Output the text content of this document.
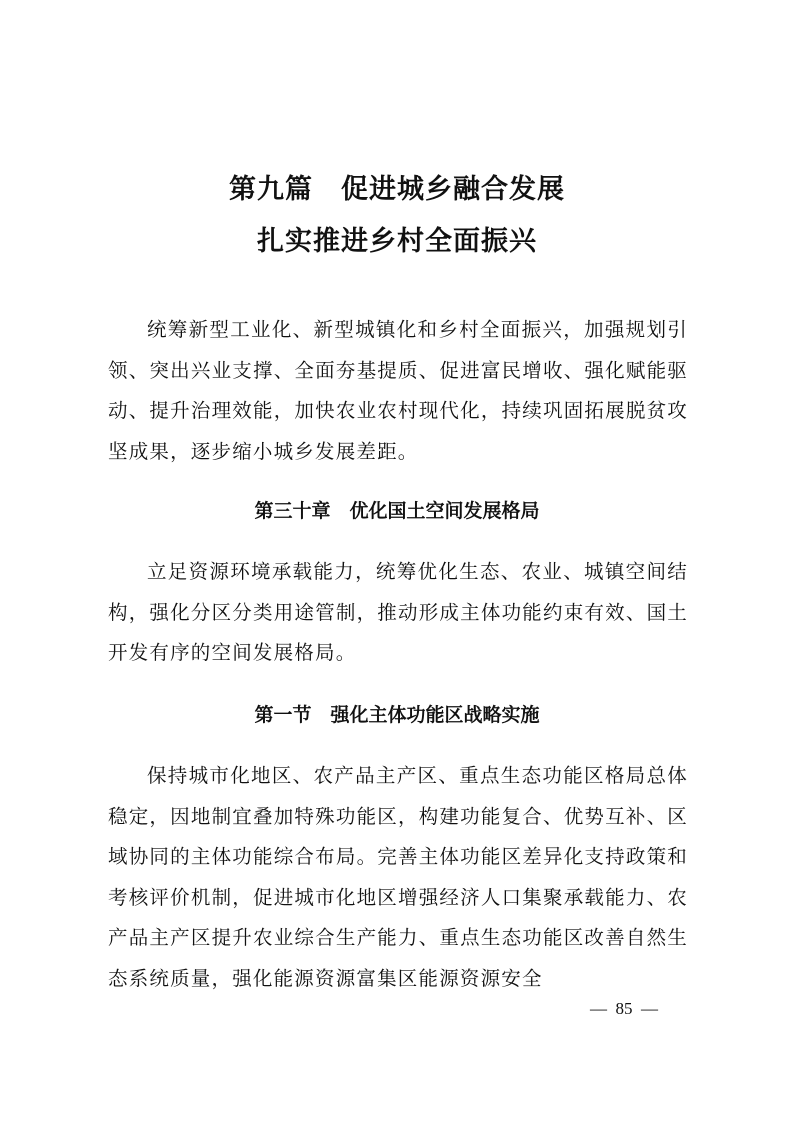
第九篇　促进城乡融合发展
扎实推进乡村全面振兴

统筹新型工业化、新型城镇化和乡村全面振兴，加强规划引领、突出兴业支撑、全面夯基提质、促进富民增收、强化赋能驱动、提升治理效能，加快农业农村现代化，持续巩固拓展脱贫攻坚成果，逐步缩小城乡发展差距。

第三十章　优化国土空间发展格局

立足资源环境承载能力，统筹优化生态、农业、城镇空间结构，强化分区分类用途管制，推动形成主体功能约束有效、国土开发有序的空间发展格局。

第一节　强化主体功能区战略实施

保持城市化地区、农产品主产区、重点生态功能区格局总体稳定，因地制宜叠加特殊功能区，构建功能复合、优势互补、区域协同的主体功能综合布局。完善主体功能区差异化支持政策和考核评价机制，促进城市化地区增强经济人口集聚承载能力、农产品主产区提升农业综合生产能力、重点生态功能区改善自然生态系统质量，强化能源资源富集区能源资源安全

—  85  —
